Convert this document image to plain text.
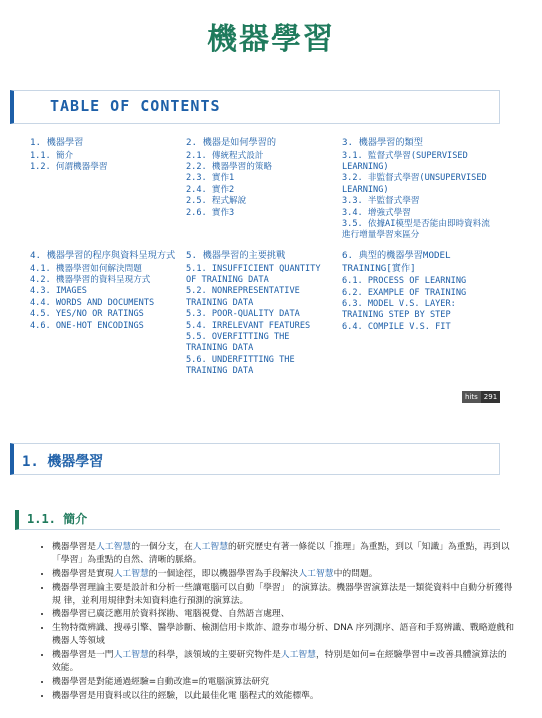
機器學習
TABLE OF CONTENTS
1. 機器學習
1.1. 簡介
1.2. 何謂機器學習
2. 機器是如何學習的
2.1. 傳統程式設計
2.2. 機器學習的策略
2.3. 實作1
2.4. 實作2
2.5. 程式解說
2.6. 實作3
3. 機器學習的類型
3.1. 監督式學習(SUPERVISED LEARNING)
3.2. 非監督式學習(UNSUPERVISED LEARNING)
3.3. 半監督式學習
3.4. 增強式學習
3.5. 依據AI模型是否能由即時資料流進行增量學習來區分
4. 機器學習的程序與資料呈現方式
4.1. 機器學習如何解決問題
4.2. 機器學習的資料呈現方式
4.3. IMAGES
4.4. WORDS AND DOCUMENTS
4.5. YES/NO OR RATINGS
4.6. ONE-HOT ENCODINGS
5. 機器學習的主要挑戰
5.1. INSUFFICIENT QUANTITY OF TRAINING DATA
5.2. NONREPRESENTATIVE TRAINING DATA
5.3. POOR-QUALITY DATA
5.4. IRRELEVANT FEATURES
5.5. OVERFITTING THE TRAINING DATA
5.6. UNDERFITTING THE TRAINING DATA
6. 典型的機器學習MODEL TRAINING[實作]
6.1. PROCESS OF LEARNING
6.2. EXAMPLE OF TRAINING
6.3. MODEL V.S. LAYER: TRAINING STEP BY STEP
6.4. COMPILE V.S. FIT
hits 291
1. 機器學習
1.1. 簡介
• 機器學習是人工智慧的一個分支，在人工智慧的研究歷史有著一條從以「推理」為重點，到以「知識」為重點，再到以 「學習」為重點的自然、清晰的脈絡。
• 機器學習是實現人工智慧的一個途徑，即以機器學習為手段解決人工智慧中的問題。
• 機器學習理論主要是設計和分析一些讓電腦可以自動「學習」 的演算法。機器學習演算法是一類從資料中自動分析獲得規 律，並利用規律對未知資料進行預測的演算法。
• 機器學習已廣泛應用於資料探勘、電腦視覺、自然語言處理、
• 生物特徵辨識、搜尋引擎、醫學診斷、檢測信用卡欺詐、證券市場分析、DNA 序列測序、語音和手寫辨識、戰略遊戲和機器人等領域
• 機器學習是一門人工智慧的科學，該領域的主要研究物件是人工智慧，特別是如何=在經驗學習中=改善具體演算法的效能。
• 機器學習是對能通過經驗=自動改進=的電腦演算法研究
• 機器學習是用資料或以往的經驗，以此最佳化電 腦程式的效能標準。
